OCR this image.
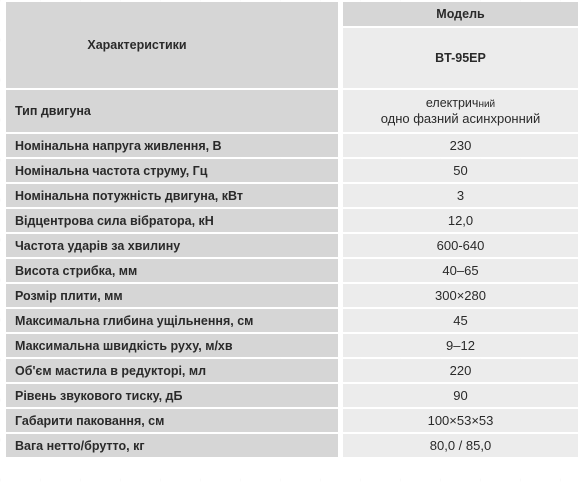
Характеристики		Модель
		BT-95EP
Тип двигуна		електричний
одно фазний асинхронний

Номінальна напруга живлення, В		230
Номінальна частота струму, Гц		50
Номінальна потужність двигуна, кВт		3
Відцентрова сила вібратора, кН		12,0
Частота ударів за хвилину		600-640
Висота стрибка, мм		40–65
Розмір плити, мм		300×280
Максимальна глибина ущільнення, см		45
Максимальна швидкість руху, м/хв		9–12
Об'єм мастила в редукторі, мл		220
Рівень звукового тиску, дБ		90
Габарити паковання, см		100×53×53
Вага нетто/брутто, кг		80,0 / 85,0
